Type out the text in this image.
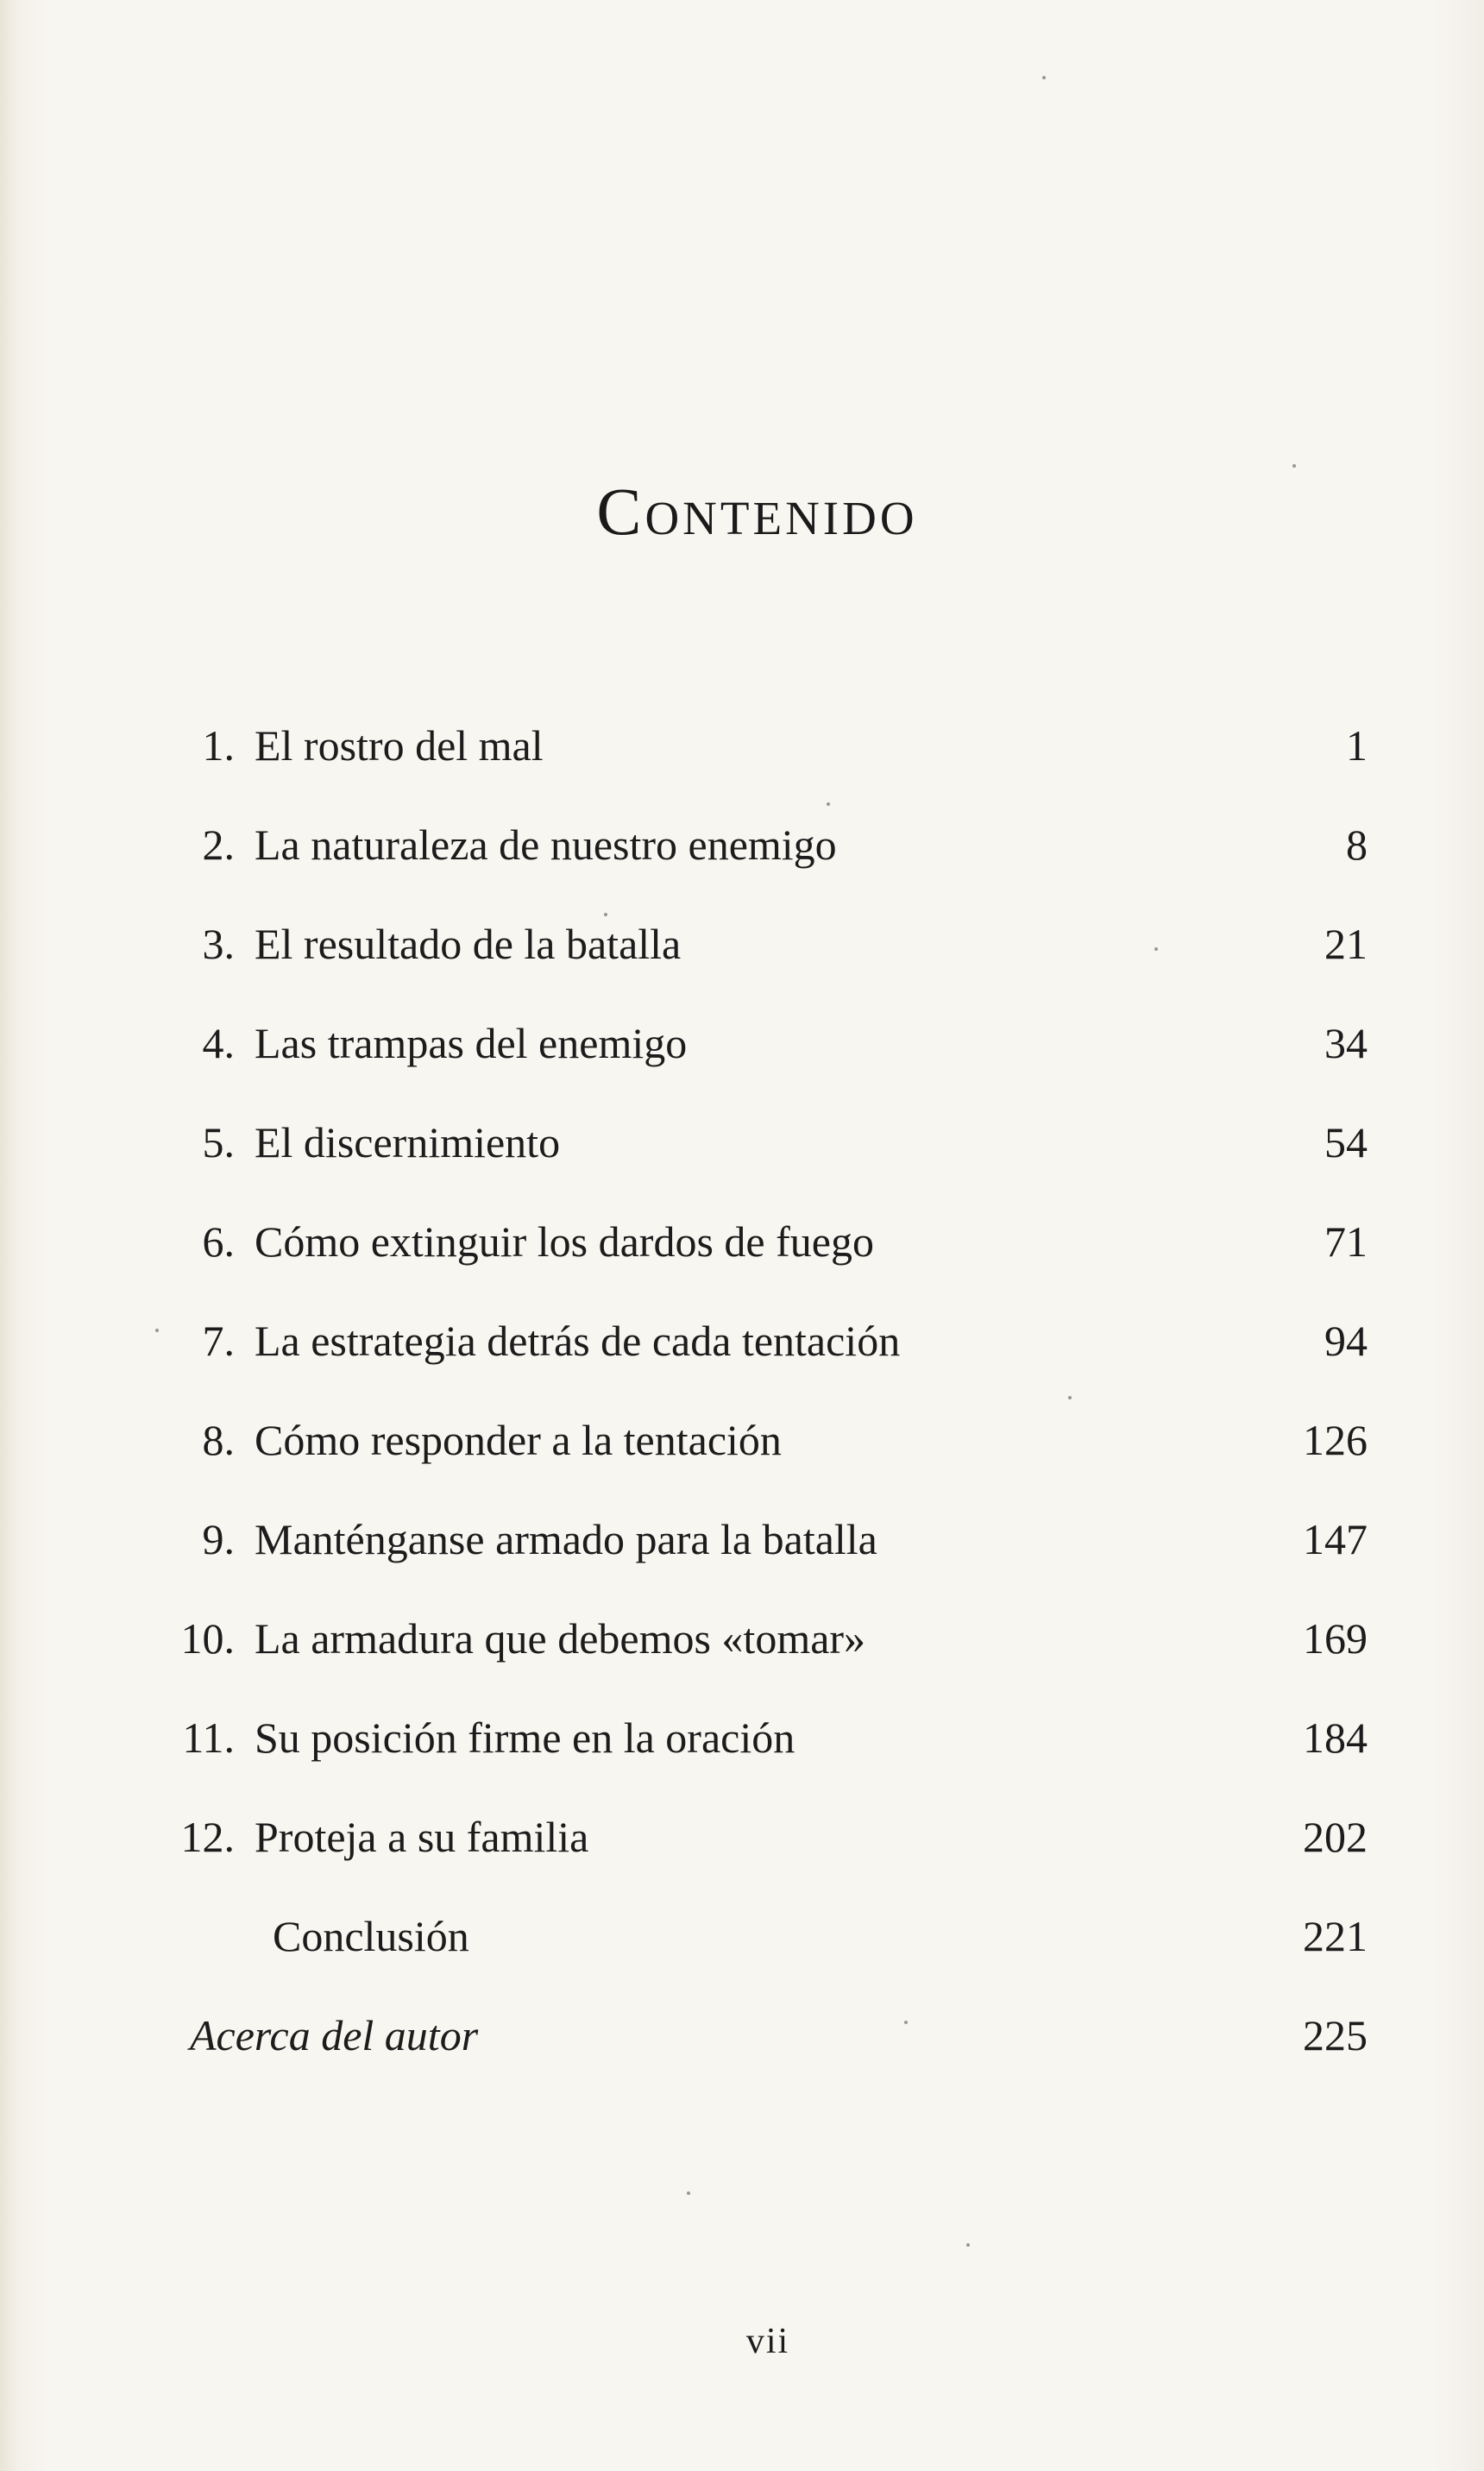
Contenido
1. El rostro del mal	1
2. La naturaleza de nuestro enemigo	8
3. El resultado de la batalla	21
4. Las trampas del enemigo	34
5. El discernimiento	54
6. Cómo extinguir los dardos de fuego	71
7. La estrategia detrás de cada tentación	94
8. Cómo responder a la tentación	126
9. Manténganse armado para la batalla	147
10. La armadura que debemos «tomar»	169
11. Su posición firme en la oración	184
12. Proteja a su familia	202
Conclusión	221
Acerca del autor	225
vii
